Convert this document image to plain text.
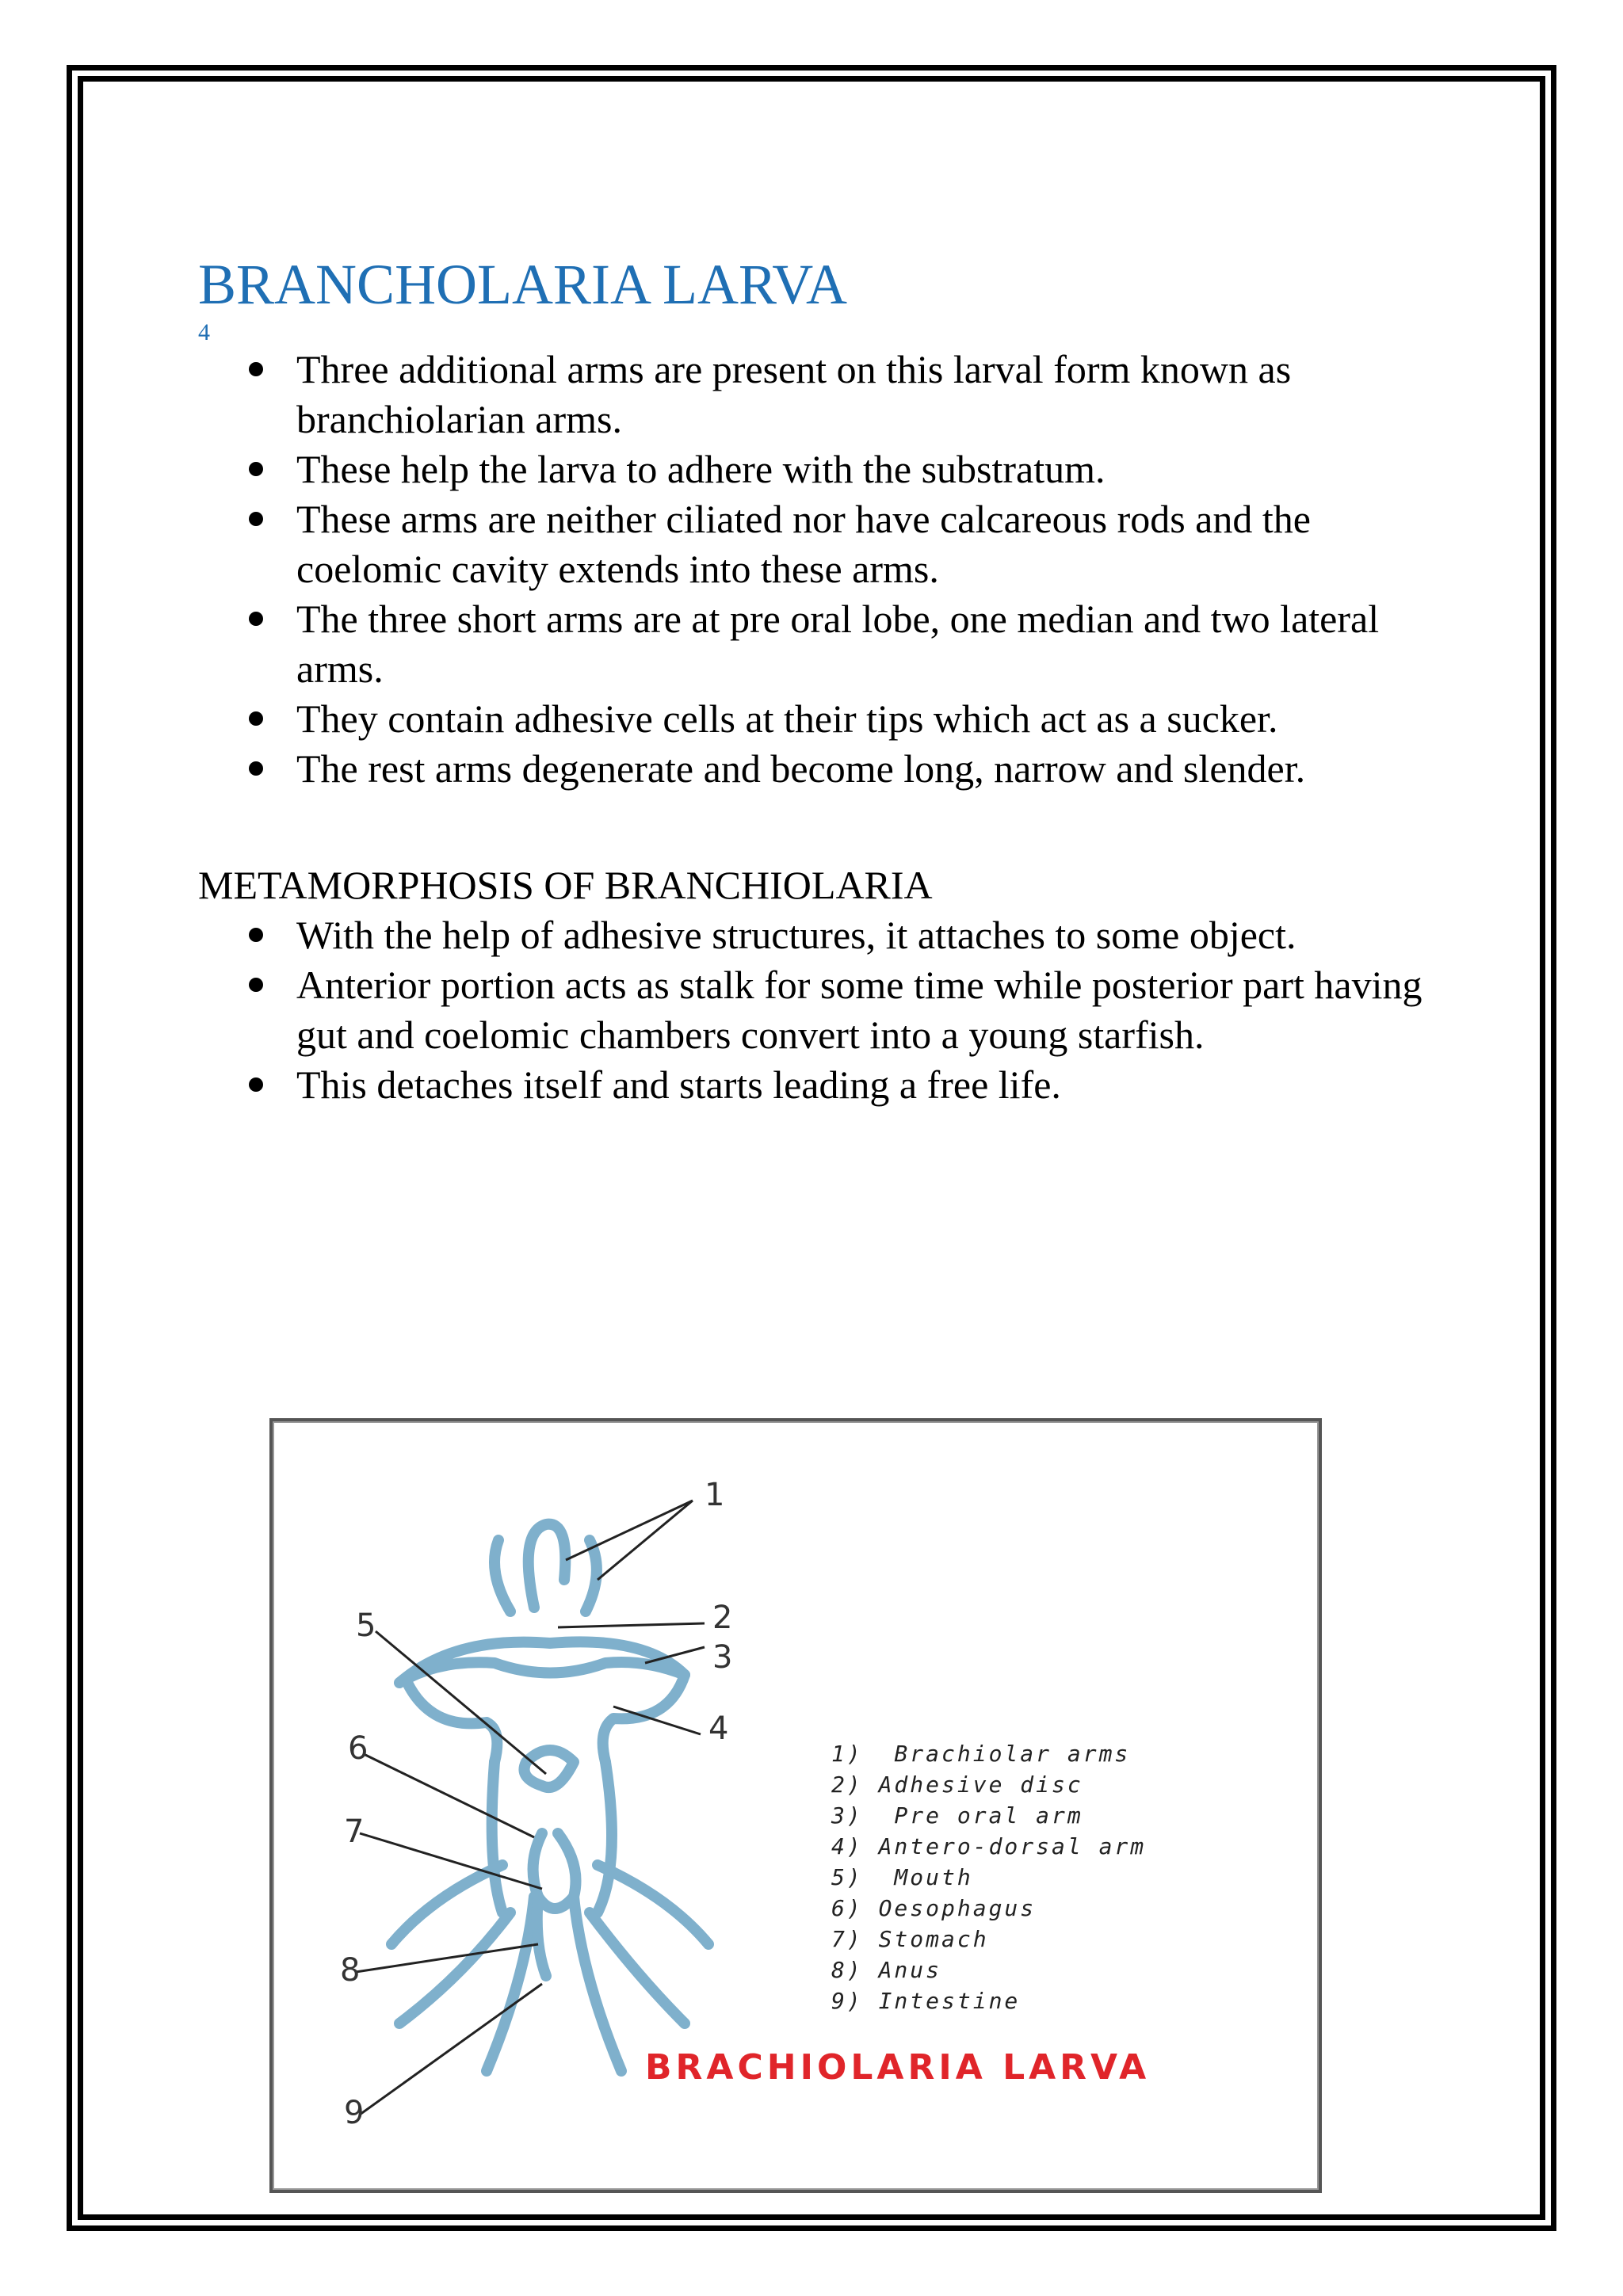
BRANCHOLARIA LARVA
4
Three additional arms are present on this larval form known as branchiolarian arms.
These help the larva to adhere with the substratum.
These arms are neither ciliated nor have calcareous rods and the coelomic cavity extends into these arms.
The three short arms are at pre oral lobe, one median and two lateral arms.
They contain adhesive cells at their tips which act as a sucker.
The rest arms degenerate and become long, narrow and slender.
METAMORPHOSIS OF BRANCHIOLARIA
With the help of adhesive structures, it attaches to some object.
Anterior portion acts as stalk for some time while posterior part having gut and coelomic chambers convert into a young starfish.
This detaches itself and starts leading a free life.
1
2
3
4
5
6
7
8
9
1)  Brachiolar arms
2) Adhesive disc
3)  Pre oral arm
4) Antero-dorsal arm
5)  Mouth
6) Oesophagus
7) Stomach
8) Anus
9) Intestine
BRACHIOLARIA LARVA
